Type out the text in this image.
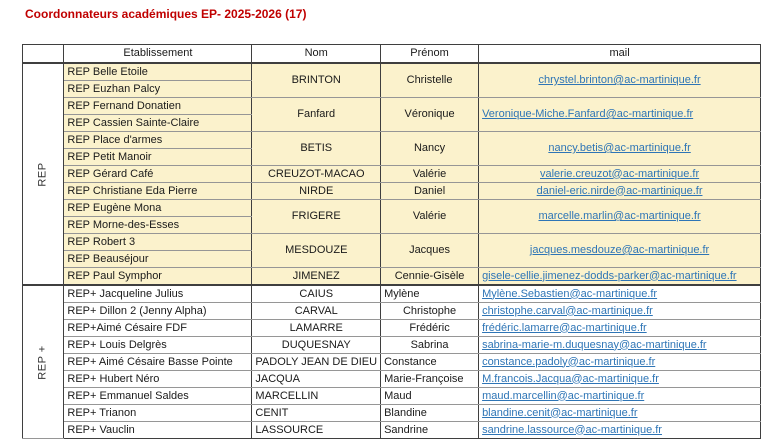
Coordonnateurs académiques EP- 2025-2026 (17)
	Etablissement	Nom	Prénom	mail
REP	REP Belle Etoile	BRINTON	Christelle	chrystel.brinton@ac-martinique.fr
	REP Euzhan Palcy			
	REP Fernand Donatien	Fanfard	Véronique	Veronique-Miche.Fanfard@ac-martinique.fr
	REP Cassien Sainte-Claire			
	REP Place d'armes	BETIS	Nancy	nancy.betis@ac-martinique.fr
	REP Petit Manoir			
	REP Gérard Café	CREUZOT-MACAO	Valérie	valerie.creuzot@ac-martinique.fr
	REP Christiane Eda Pierre	NIRDE	Daniel	daniel-eric.nirde@ac-martinique.fr
	REP Eugène Mona	FRIGERE	Valérie	marcelle.marlin@ac-martinique.fr
	REP Morne-des-Esses			
	REP Robert 3	MESDOUZE	Jacques	jacques.mesdouze@ac-martinique.fr
	REP Beauséjour			
	REP Paul Symphor	JIMENEZ	Cennie-Gisèle	gisele-cellie.jimenez-dodds-parker@ac-martinique.fr
REP +	REP+ Jacqueline Julius	CAIUS	Mylène	Mylène.Sebastien@ac-martinique.fr
	REP+ Dillon 2 (Jenny Alpha)	CARVAL	Christophe	christophe.carval@ac-martinique.fr
	REP+Aimé Césaire FDF	LAMARRE	Frédéric	frédéric.lamarre@ac-martinique.fr
	REP+ Louis Delgrès	DUQUESNAY	Sabrina	sabrina-marie-m.duquesnay@ac-martinique.fr
	REP+ Aimé Césaire Basse Pointe	PADOLY JEAN DE DIEU	Constance	constance.padoly@ac-martinique.fr
	REP+ Hubert Néro	JACQUA	Marie-Françoise	M.francois.Jacqua@ac-martinique.fr
	REP+ Emmanuel Saldes	MARCELLIN	Maud	maud.marcellin@ac-martinique.fr
	REP+ Trianon	CENIT	Blandine	blandine.cenit@ac-martinique.fr
	REP+ Vauclin	LASSOURCE	Sandrine	sandrine.lassource@ac-martinique.fr
